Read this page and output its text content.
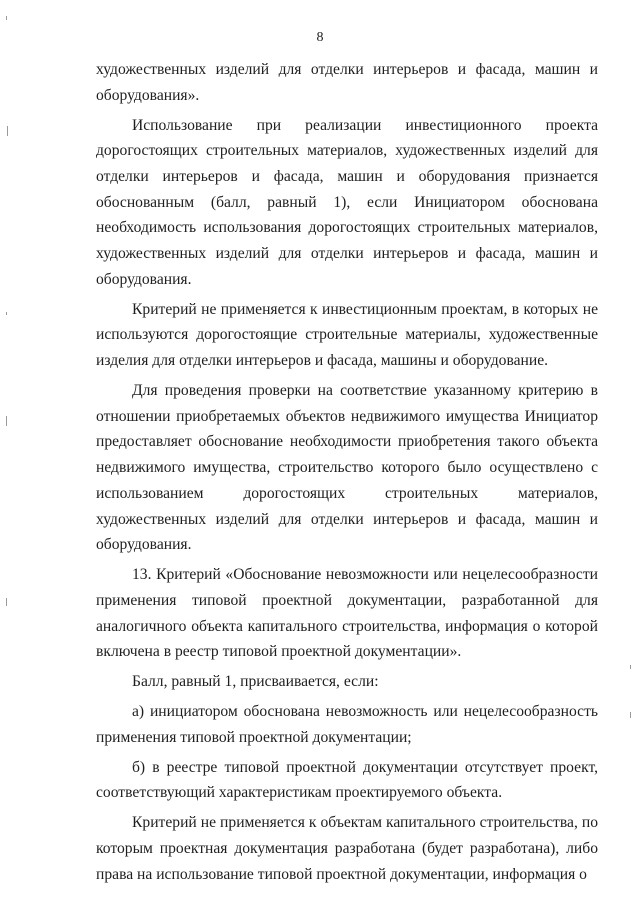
8

художественных изделий для отделки интерьеров и фасада, машин и оборудования».

Использование при реализации инвестиционного проекта дорогостоящих строительных материалов, художественных изделий для отделки интерьеров и фасада, машин и оборудования признается обоснованным (балл, равный 1), если Инициатором обоснована необходимость использования дорогостоящих строительных материалов, художественных изделий для отделки интерьеров и фасада, машин и оборудования.

Критерий не применяется к инвестиционным проектам, в которых не используются дорогостоящие строительные материалы, художественные изделия для отделки интерьеров и фасада, машины и оборудование.

Для проведения проверки на соответствие указанному критерию в отношении приобретаемых объектов недвижимого имущества Инициатор предоставляет обоснование необходимости приобретения такого объекта недвижимого имущества, строительство которого было осуществлено с использованием дорогостоящих строительных материалов, художественных изделий для отделки интерьеров и фасада, машин и оборудования.

13. Критерий «Обоснование невозможности или нецелесообразности применения типовой проектной документации, разработанной для аналогичного объекта капитального строительства, информация о которой включена в реестр типовой проектной документации».

Балл, равный 1, присваивается, если:

а) инициатором обоснована невозможность или нецелесообразность применения типовой проектной документации;

б) в реестре типовой проектной документации отсутствует проект, соответствующий характеристикам проектируемого объекта.

Критерий не применяется к объектам капитального строительства, по которым проектная документация разработана (будет разработана), либо права на использование типовой проектной документации, информация о
